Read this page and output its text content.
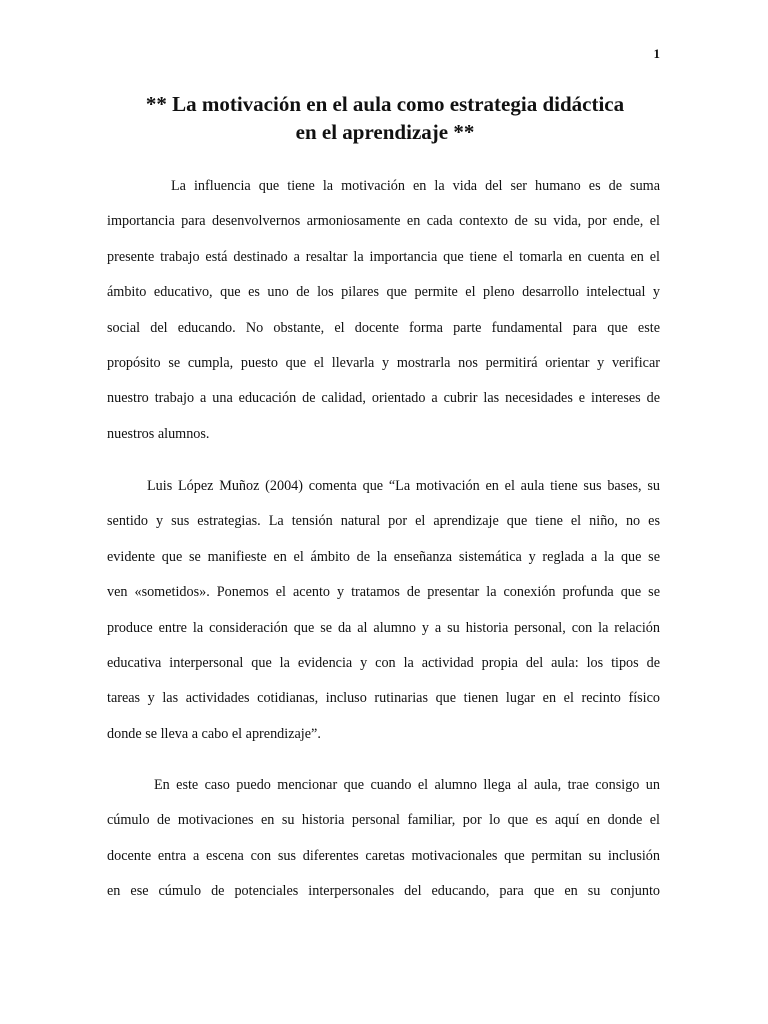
1
** La motivación en el aula como estrategia didáctica
en el aprendizaje **
La influencia que tiene la motivación en la vida del ser humano es de suma
importancia para desenvolvernos armoniosamente en cada contexto de su vida, por ende, el
presente trabajo está destinado a resaltar la importancia que tiene el tomarla en cuenta en el
ámbito educativo, que es uno de los pilares que permite el pleno desarrollo intelectual y
social del educando. No obstante, el docente forma parte fundamental para que este
propósito se cumpla, puesto que el llevarla y mostrarla nos permitirá orientar y verificar
nuestro trabajo a una educación de calidad, orientado a cubrir las necesidades e intereses de
nuestros alumnos.
Luis López Muñoz (2004) comenta que “La motivación en el aula tiene sus bases, su
sentido y sus estrategias. La tensión natural por el aprendizaje que tiene el niño, no es
evidente que se manifieste en el ámbito de la enseñanza sistemática y reglada a la que se
ven «sometidos». Ponemos el acento y tratamos de presentar la conexión profunda que se
produce entre la consideración que se da al alumno y a su historia personal, con la relación
educativa interpersonal que la evidencia y con la actividad propia del aula: los tipos de
tareas y las actividades cotidianas, incluso rutinarias que tienen lugar en el recinto físico
donde se lleva a cabo el aprendizaje”.
En este caso puedo mencionar que cuando el alumno llega al aula, trae consigo un
cúmulo de motivaciones en su historia personal familiar, por lo que es aquí en donde el
docente entra a escena con sus diferentes caretas motivacionales que permitan su inclusión
en ese cúmulo de potenciales interpersonales del educando, para que en su conjunto
